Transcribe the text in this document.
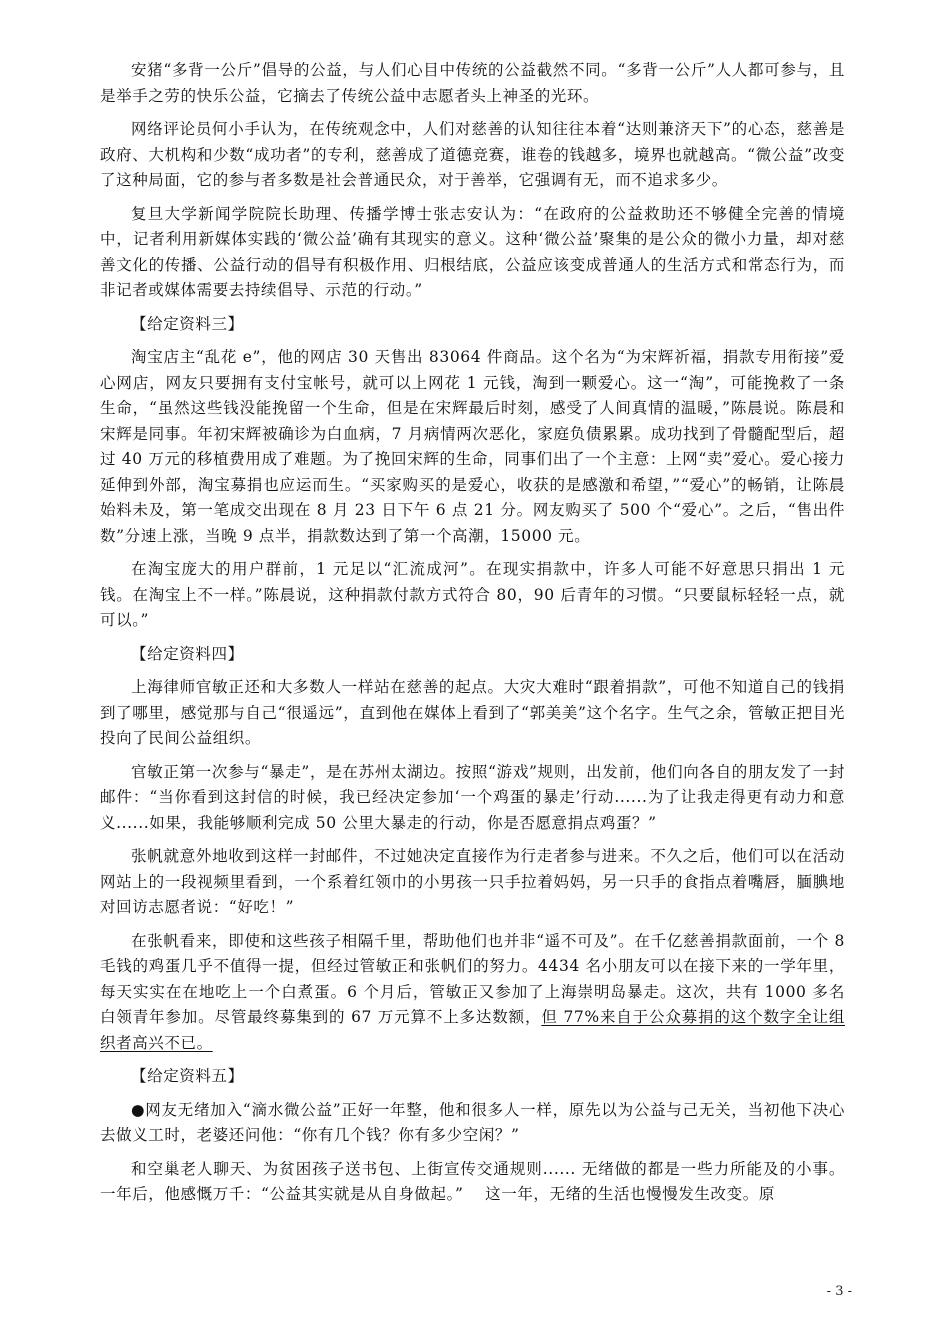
安猪“多背一公斤”倡导的公益，与人们心目中传统的公益截然不同。“多背一公斤”人人都可参与，且是举手之劳的快乐公益，它摘去了传统公益中志愿者头上神圣的光环。

网络评论员何小手认为，在传统观念中，人们对慈善的认知往往本着“达则兼济天下”的心态，慈善是政府、大机构和少数“成功者”的专利，慈善成了道德竞赛，谁卷的钱越多，境界也就越高。“微公益”改变了这种局面，它的参与者多数是社会普通民众，对于善举，它强调有无，而不追求多少。

复旦大学新闻学院院长助理、传播学博士张志安认为：“在政府的公益救助还不够健全完善的情境中，记者利用新媒体实践的‘微公益’确有其现实的意义。这种‘微公益’聚集的是公众的微小力量，却对慈善文化的传播、公益行动的倡导有积极作用、归根结底，公益应该变成普通人的生活方式和常态行为，而非记者或媒体需要去持续倡导、示范的行动。”

【给定资料三】

淘宝店主“乱花 e”，他的网店 30 天售出 83064 件商品。这个名为“为宋辉祈福，捐款专用衔接”爱心网店，网友只要拥有支付宝帐号，就可以上网花 1 元钱，淘到一颗爱心。这一“淘”，可能挽救了一条生命，“虽然这些钱没能挽留一个生命，但是在宋辉最后时刻，感受了人间真情的温暖，”陈晨说。陈晨和宋辉是同事。年初宋辉被确诊为白血病，7 月病情两次恶化，家庭负债累累。成功找到了骨髓配型后，超过 40 万元的移植费用成了难题。为了挽回宋辉的生命，同事们出了一个主意：上网“卖”爱心。爱心接力延伸到外部，淘宝募捐也应运而生。“买家购买的是爱心，收获的是感激和希望，”“爱心”的畅销，让陈晨始料未及，第一笔成交出现在 8 月 23 日下午 6 点 21 分。网友购买了 500 个“爱心”。之后，“售出件数”分速上涨，当晚 9 点半，捐款数达到了第一个高潮，15000 元。

在淘宝庞大的用户群前，1 元足以“汇流成河”。在现实捐款中，许多人可能不好意思只捐出 1 元钱。在淘宝上不一样。”陈晨说，这种捐款付款方式符合 80，90 后青年的习惯。“只要鼠标轻轻一点，就可以。”

【给定资料四】

上海律师官敏正还和大多数人一样站在慈善的起点。大灾大难时“跟着捐款”，可他不知道自己的钱捐到了哪里，感觉那与自己“很遥远”，直到他在媒体上看到了“郭美美”这个名字。生气之余，管敏正把目光投向了民间公益组织。

官敏正第一次参与“暴走”，是在苏州太湖边。按照“游戏”规则，出发前，他们向各自的朋友发了一封邮件：“当你看到这封信的时候，我已经决定参加‘一个鸡蛋的暴走’行动......为了让我走得更有动力和意义......如果，我能够顺利完成 50 公里大暴走的行动，你是否愿意捐点鸡蛋？”

张帆就意外地收到这样一封邮件，不过她决定直接作为行走者参与进来。不久之后，他们可以在活动网站上的一段视频里看到，一个系着红领巾的小男孩一只手拉着妈妈，另一只手的食指点着嘴唇，腼腆地对回访志愿者说：“好吃！”

在张帆看来，即使和这些孩子相隔千里，帮助他们也并非“遥不可及”。在千亿慈善捐款面前，一个 8 毛钱的鸡蛋几乎不值得一提，但经过管敏正和张帆们的努力。4434 名小朋友可以在接下来的一学年里，每天实实在在地吃上一个白煮蛋。6 个月后，管敏正又参加了上海崇明岛暴走。这次，共有 1000 多名白领青年参加。尽管最终募集到的 67 万元算不上多达数额，但 77%来自于公众募捐的这个数字全让组织者高兴不已。

【给定资料五】

●网友无绪加入“滴水微公益”正好一年整，他和很多人一样，原先以为公益与己无关，当初他下决心去做义工时，老婆还问他：“你有几个钱？你有多少空闲？”

和空巢老人聊天、为贫困孩子送书包、上街宣传交通规则...... 无绪做的都是一些力所能及的小事。一年后，他感慨万千：“公益其实就是从自身做起。”　 这一年，无绪的生活也慢慢发生改变。原

- 3 -
